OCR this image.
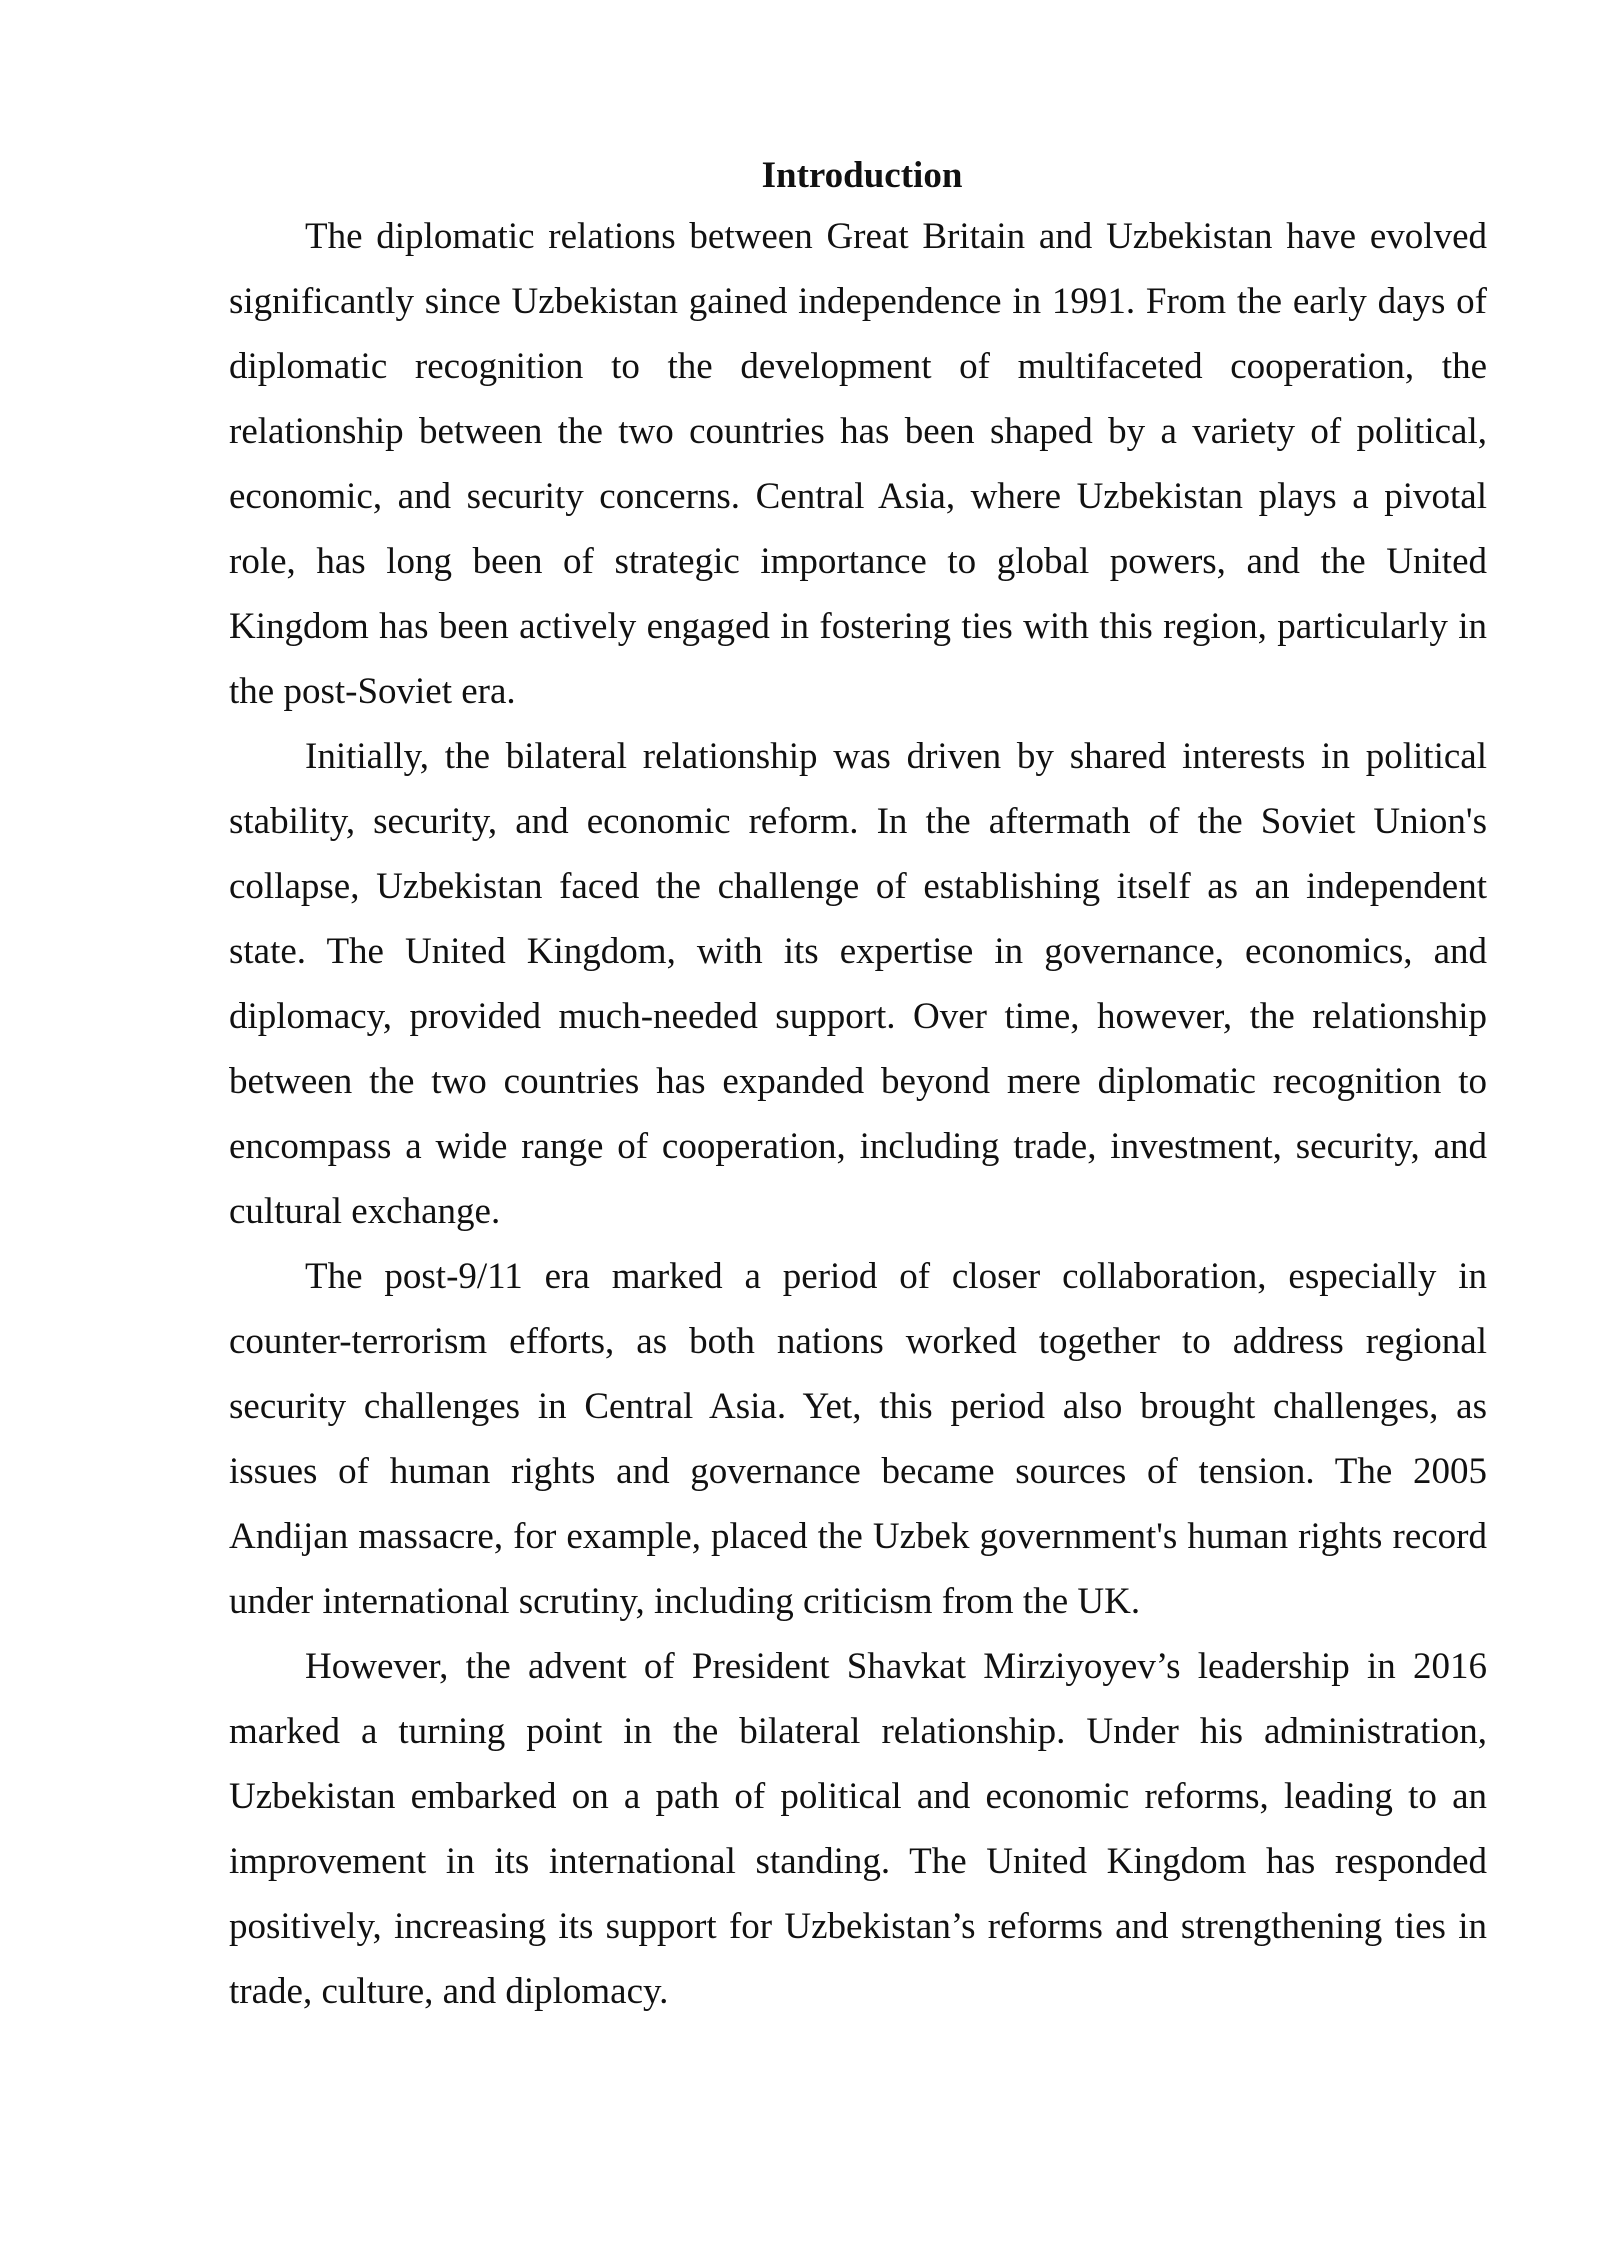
Introduction

The diplomatic relations between Great Britain and Uzbekistan have evolved significantly since Uzbekistan gained independence in 1991. From the early days of diplomatic recognition to the development of multifaceted cooperation, the relationship between the two countries has been shaped by a variety of political, economic, and security concerns. Central Asia, where Uzbekistan plays a pivotal role, has long been of strategic importance to global powers, and the United Kingdom has been actively engaged in fostering ties with this region, particularly in the post-Soviet era.

Initially, the bilateral relationship was driven by shared interests in political stability, security, and economic reform. In the aftermath of the Soviet Union's collapse, Uzbekistan faced the challenge of establishing itself as an independent state. The United Kingdom, with its expertise in governance, economics, and diplomacy, provided much-needed support. Over time, however, the relationship between the two countries has expanded beyond mere diplomatic recognition to encompass a wide range of cooperation, including trade, investment, security, and cultural exchange.

The post-9/11 era marked a period of closer collaboration, especially in counter-terrorism efforts, as both nations worked together to address regional security challenges in Central Asia. Yet, this period also brought challenges, as issues of human rights and governance became sources of tension. The 2005 Andijan massacre, for example, placed the Uzbek government's human rights record under international scrutiny, including criticism from the UK.

However, the advent of President Shavkat Mirziyoyev’s leadership in 2016 marked a turning point in the bilateral relationship. Under his administration, Uzbekistan embarked on a path of political and economic reforms, leading to an improvement in its international standing. The United Kingdom has responded positively, increasing its support for Uzbekistan’s reforms and strengthening ties in trade, culture, and diplomacy.
